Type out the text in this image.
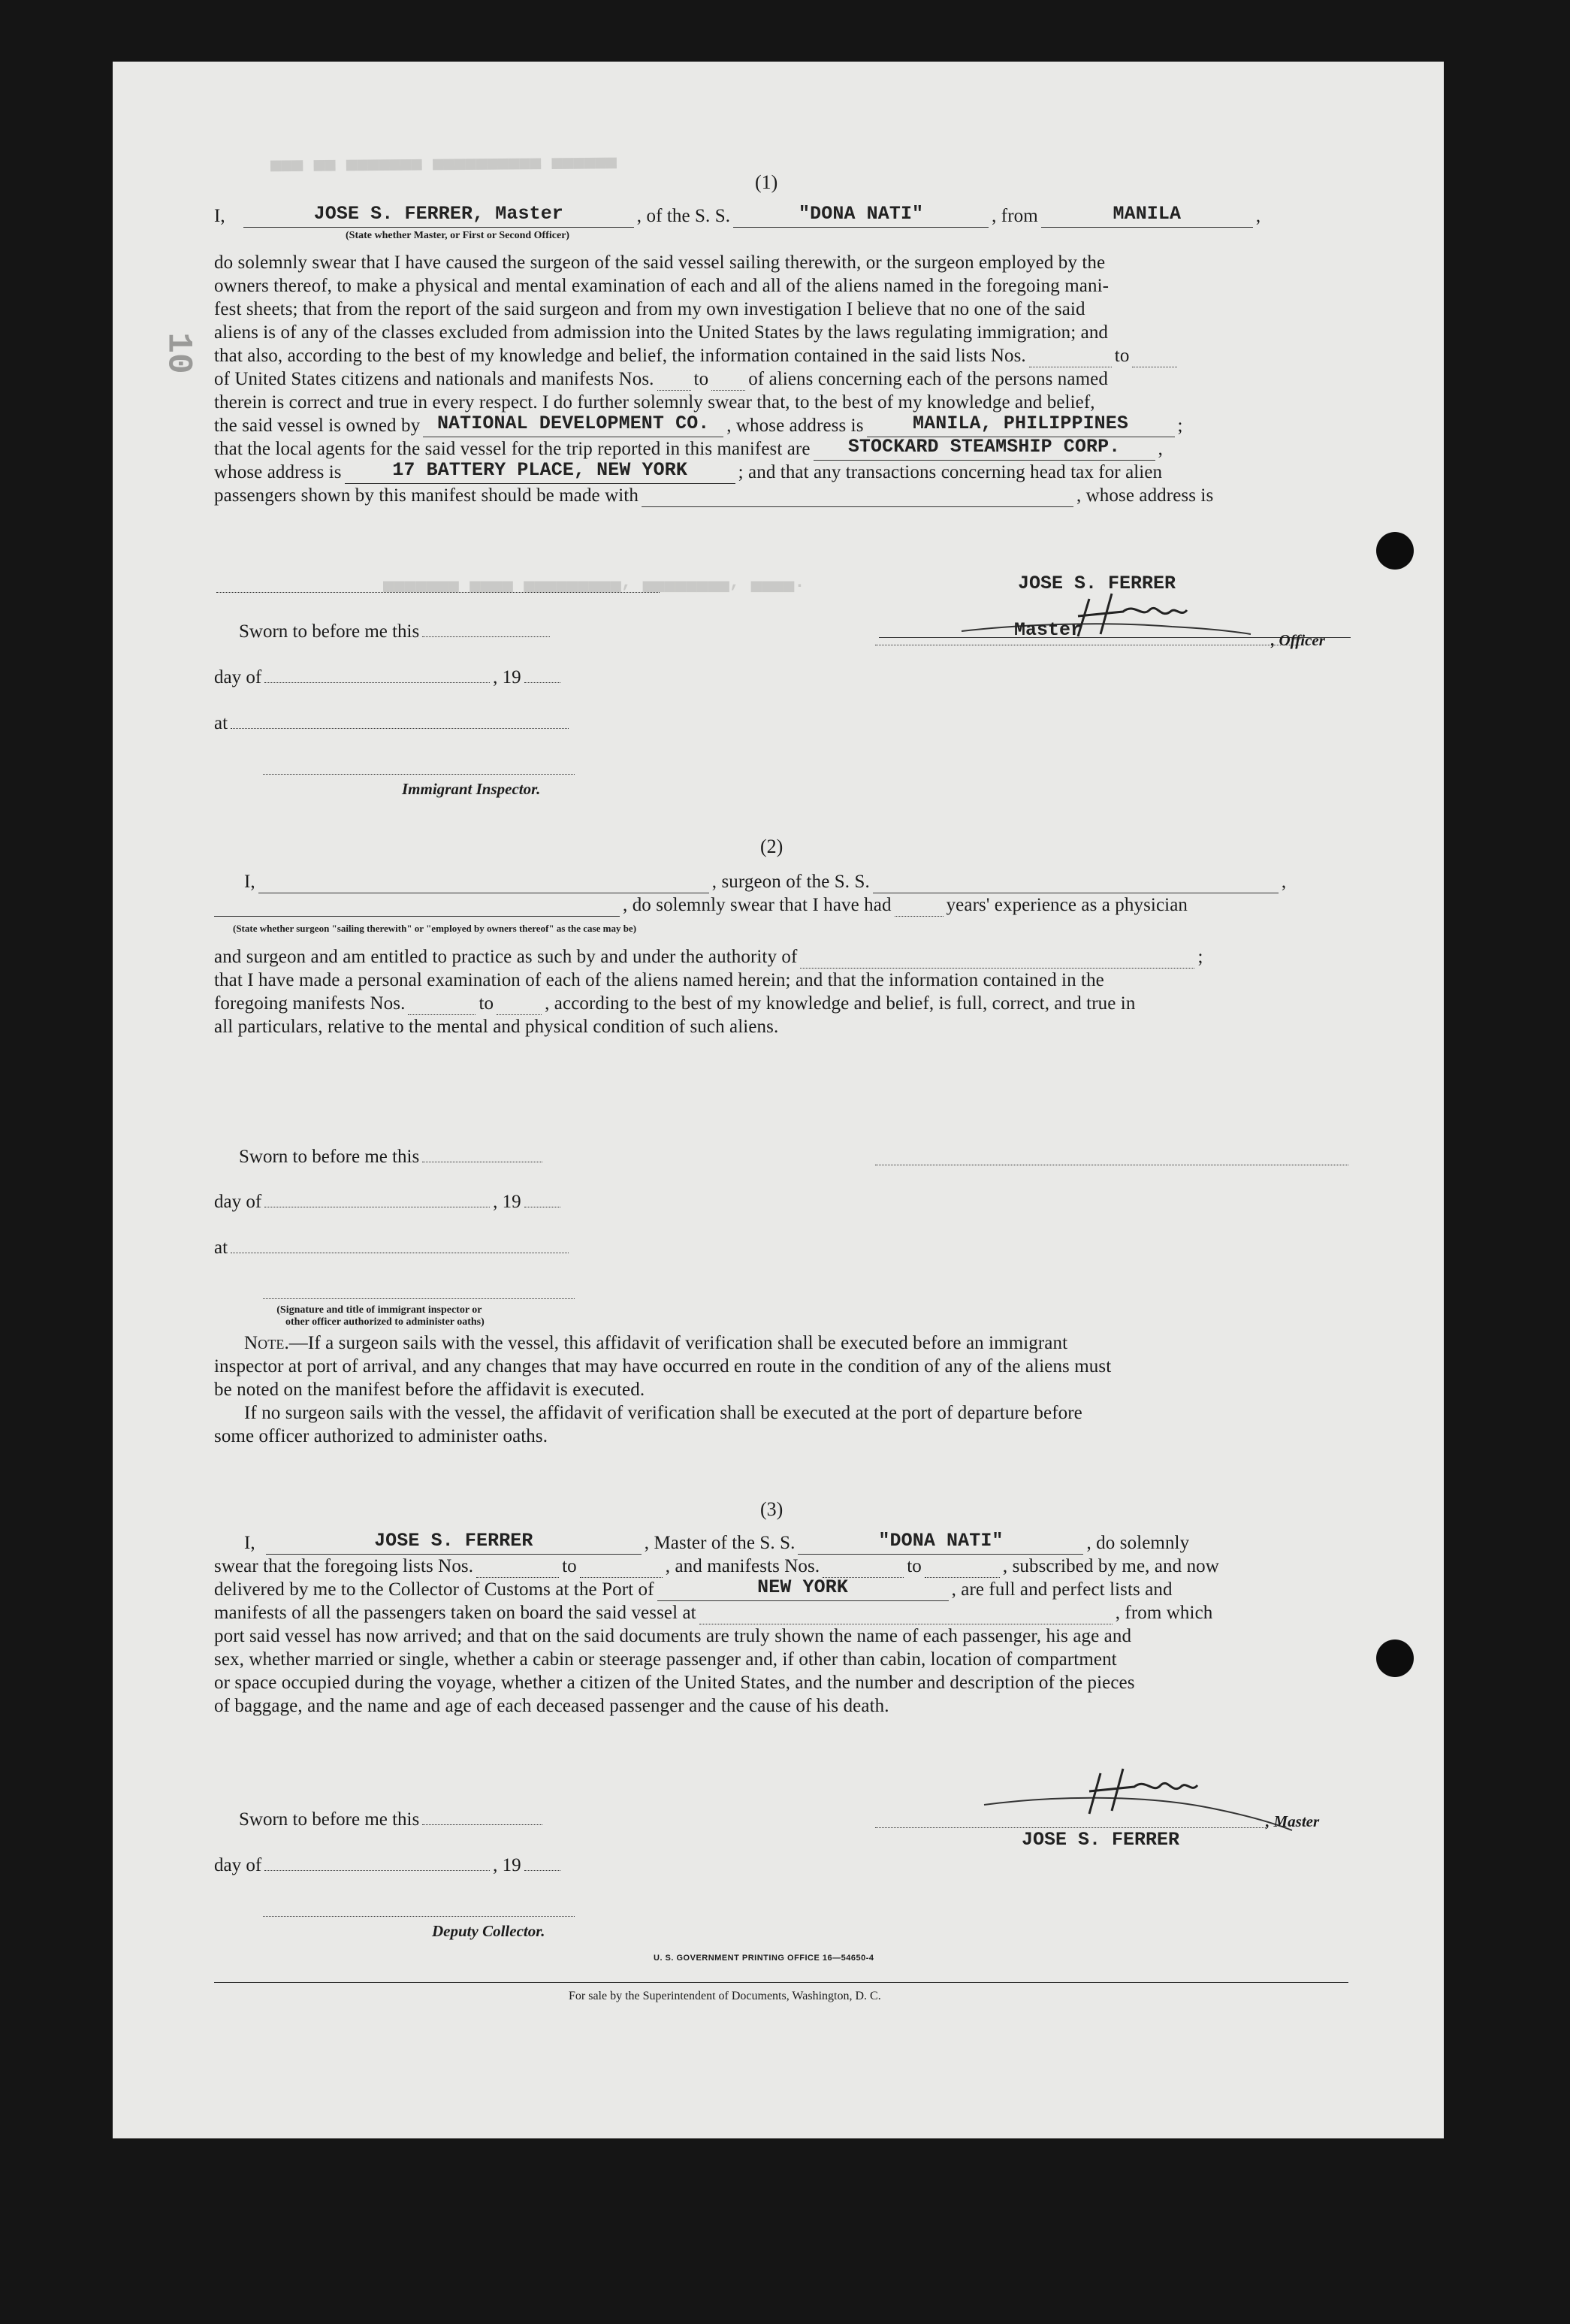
▄▄▄ ▄▄ ▄▄▄▄▄▄▄ ▄▄▄▄▄▄▄▄▄▄ ▄▄▄▄▄▄
▄▄▄▄▄▄▄ ▄▄▄▄ ▄▄▄▄▄▄▄▄▄, ▄▄▄▄▄▄▄▄, ▄▄▄▄.
10
(1)
I,	JOSE S. FERRER, Master	, of the S. S.	"DONA NATI"	, from	MANILA	,
(State whether Master, or First or Second Officer)
do solemnly swear that I have caused the surgeon of the said vessel sailing therewith, or the surgeon employed by the
owners thereof, to make a physical and mental examination of each and all of the aliens named in the foregoing mani-
fest sheets; that from the report of the said surgeon and from my own investigation I believe that no one of the said
aliens is of any of the classes excluded from admission into the United States by the laws regulating immigration; and
that also, according to the best of my knowledge and belief, the information contained in the said lists Nos.	to
of United States citizens and nationals and manifests Nos. to of aliens concerning each of the persons named
therein is correct and true in every respect. I do further solemnly swear that, to the best of my knowledge and belief,
the said vessel is owned by NATIONAL DEVELOPMENT CO. , whose address is	MANILA, PHILIPPINES	;
that the local agents for the said vessel for the trip reported in this manifest are	STOCKARD STEAMSHIP CORP.	,
whose address is	17 BATTERY PLACE, NEW YORK	; and that any transactions concerning head tax for alien
passengers shown by this manifest should be made with	, whose address is
Sworn to before me this
day of	, 19
at
Immigrant Inspector.
JOSE S. FERRER
Master	, Officer
(2)
I,	, surgeon of the S. S.	,
, do solemnly swear that I have had	years' experience as a physician
(State whether surgeon "sailing therewith" or "employed by owners thereof" as the case may be)
and surgeon and am entitled to practice as such by and under the authority of	;
that I have made a personal examination of each of the aliens named herein; and that the information contained in the
foregoing manifests Nos.	to	, according to the best of my knowledge and belief, is full, correct, and true in
all particulars, relative to the mental and physical condition of such aliens.
Sworn to before me this
day of	, 19
at
(Signature and title of immigrant inspector or
other officer authorized to administer oaths)
Note. —If a surgeon sails with the vessel, this affidavit of verification shall be executed before an immigrant
inspector at port of arrival, and any changes that may have occurred en route in the condition of any of the aliens must
be noted on the manifest before the affidavit is executed.
If no surgeon sails with the vessel, the affidavit of verification shall be executed at the port of departure before
some officer authorized to administer oaths.
(3)
I,	JOSE S. FERRER	, Master of the S. S.	"DONA NATI"	, do solemnly
swear that the foregoing lists Nos.	to	, and manifests Nos.	to	, subscribed by me, and now
delivered by me to the Collector of Customs at the Port of	NEW YORK	, are full and perfect lists and
manifests of all the passengers taken on board the said vessel at	, from which
port said vessel has now arrived; and that on the said documents are truly shown the name of each passenger, his age and
sex, whether married or single, whether a cabin or steerage passenger and, if other than cabin, location of compartment
or space occupied during the voyage, whether a citizen of the United States, and the number and description of the pieces
of baggage, and the name and age of each deceased passenger and the cause of his death.
Sworn to before me this	, Master
JOSE S. FERRER
day of	, 19
Deputy Collector.
U. S. GOVERNMENT PRINTING OFFICE 16—54650-4
For sale by the Superintendent of Documents, Washington, D. C.
